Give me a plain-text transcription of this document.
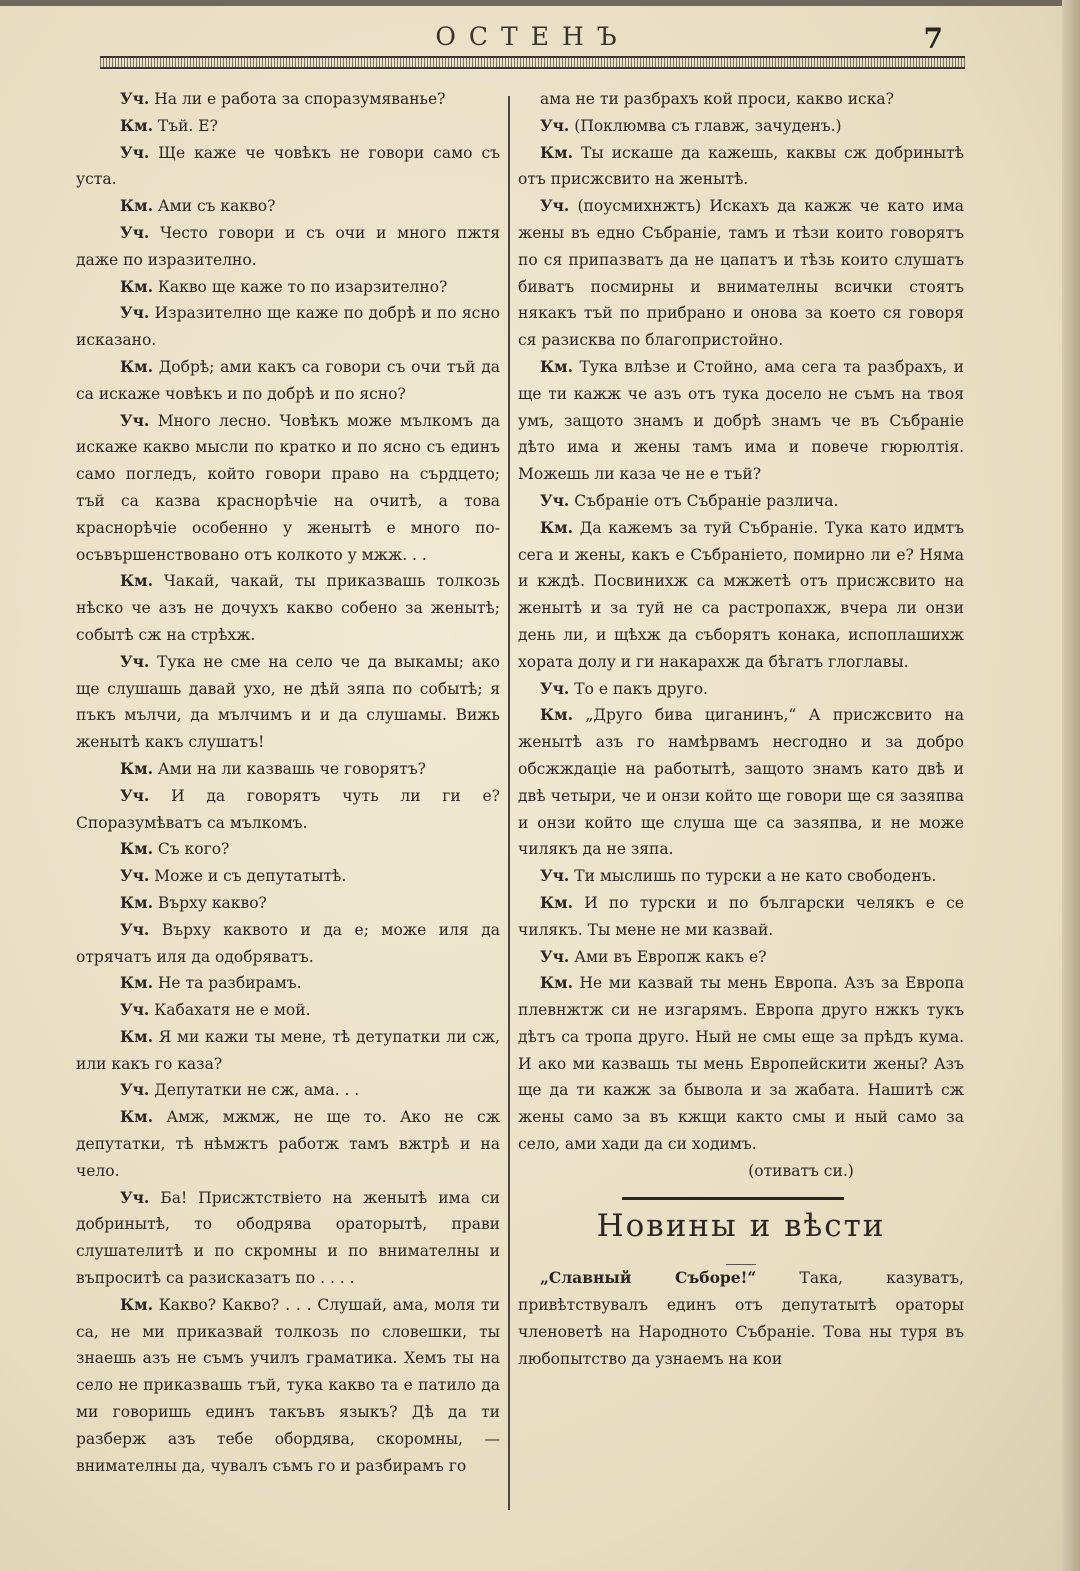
ОСТЕНЪ	7

Уч. На ли е работа за споразумяванье?

Км. Тъй. Е?

Уч. Ще каже че човѣкъ не говори само съ уста.

Км. Ами съ какво?

Уч. Често говори и съ очи и много пжтя даже по изразително.

Км. Какво ще каже то по изарзително?

Уч. Изразително ще каже по добрѣ и по ясно исказано.

Км. Добрѣ; ами какъ са говори съ очи тъй да са искаже човѣкъ и по добрѣ и по ясно?

Уч. Много лесно. Човѣкъ може мълкомъ да искаже какво мысли по кратко и по ясно съ единъ само погледъ, който говори право на сърдцето; тъй са казва краснорѣчіе на очитѣ, а това краснорѣчіе особенно у женытѣ е много по-осъвършенствовано отъ колкото у мжж. . .

Км. Чакай, чакай, ты приказвашь толкозь нѣско че азъ не дочухъ какво собено за женытѣ; событѣ сж на стрѣхж.

Уч. Тука не сме на село че да выкамы; ако ще слушашь давай ухо, не дѣй зяпа по событѣ; я пъкъ мълчи, да мълчимъ и и да слушамы. Вижь женытѣ какъ слушатъ!

Км. Ами на ли казвашь че говорятъ?

Уч. И да говорятъ чуть ли ги е? Споразумѣватъ са мълкомъ.

Км. Съ кого?

Уч. Може и съ депутатытѣ.

Км. Върху какво?

Уч. Върху каквото и да е; може иля да отрячатъ иля да одобряватъ.

Км. Не та разбирамъ.

Уч. Кабахатя не е мой.

Км. Я ми кажи ты мене, тѣ детупатки ли сж, или какъ го каза?

Уч. Депутатки не сж, ама. . .

Км. Амж, мжмж, не ще то. Ако не сж депутатки, тѣ нѣмжтъ работж тамъ вжтрѣ и на чело.

Уч. Ба! Присжтствіето на женытѣ има си добринытѣ, то ободрява ораторытѣ, прави слушателитѣ и по скромны и по внимателны и въпроситѣ са разисказатъ по . . . .

Км. Какво? Какво? . . . Слушай, ама, моля ти са, не ми приказвай толкозь по словешки, ты знаешь азъ не съмъ училъ граматика. Хемъ ты на село не приказвашь тъй, тука какво та е патило да ми говоришь единъ такъвъ языкъ? Дѣ да ти разберж азъ тебе обордява, скоромны, — внимателны да, чувалъ съмъ го и разбирамъ го

ама не ти разбрахъ кой проси, какво иска?

Уч. (Поклюмва съ главж, зачуденъ.)

Км. Ты искаше да кажешь, каквы сж добринытѣ отъ присжсвито на женытѣ.

Уч. (поусмихнжтъ) Искахъ да кажж че като има жены въ едно Събраніе, тамъ и тѣзи които говорятъ по ся припазватъ да не цапатъ и тѣзь които слушатъ биватъ посмирны и внимателны всички стоятъ някакъ тъй по прибрано и онова за което ся говоря ся разисква по благопристойно.

Км. Тука влѣзе и Стойно, ама сега та разбрахъ, и ще ти кажж че азъ отъ тука досело не съмъ на твоя умъ, защото знамъ и добрѣ знамъ че въ Събраніе дѣто има и жены тамъ има и повече гюрюлтія. Можешь ли каза че не е тъй?

Уч. Събраніе отъ Събраніе различа.

Км. Да кажемъ за туй Събраніе. Тука като идмтъ сега и жены, какъ е Събраніето, помирно ли е? Няма и кждѣ. Посвинихж са мжжетѣ отъ присжсвито на женытѣ и за туй не са растропахж, вчера ли онзи день ли, и щѣхж да съборятъ конака, испоплашихж хората долу и ги накарахж да бѣгатъ глоглавы.

Уч. То е пакъ друго.

Км. „Друго бива циганинъ,“ А присжсвито на женытѣ азъ го намѣрвамъ несгодно и за добро обсжждаціе на работытѣ, защото знамъ като двѣ и двѣ четыри, че и онзи който ще говори ще ся зазяпва и онзи който ще слуша ще са зазяпва, и не може чилякъ да не зяпа.

Уч. Ти мыслишь по турски а не като свободенъ.

Км. И по турски и по български челякъ е се чилякъ. Ты мене не ми казвай.

Уч. Ами въ Европж какъ е?

Км. Не ми казвай ты мень Европа. Азъ за Европа плевнжтж си не изгарямъ. Европа друго нжкъ тукъ дѣтъ са тропа друго. Ный не смы еще за прѣдъ кума. И ако ми казвашь ты мень Европейскити жены? Азъ ще да ти кажж за бывола и за жабата. Нашитѣ сж жены само за въ кжщи както смы и ный само за село, ами хади да си ходимъ.

(отиватъ си.)

Новины и вѣсти

„Славный Съборе!“	Така, казуватъ, привѣтствувалъ единъ отъ депутатытѣ ораторы членоветѣ на Народното Събраніе. Това ны туря въ любопытство да узнаемъ на кои
